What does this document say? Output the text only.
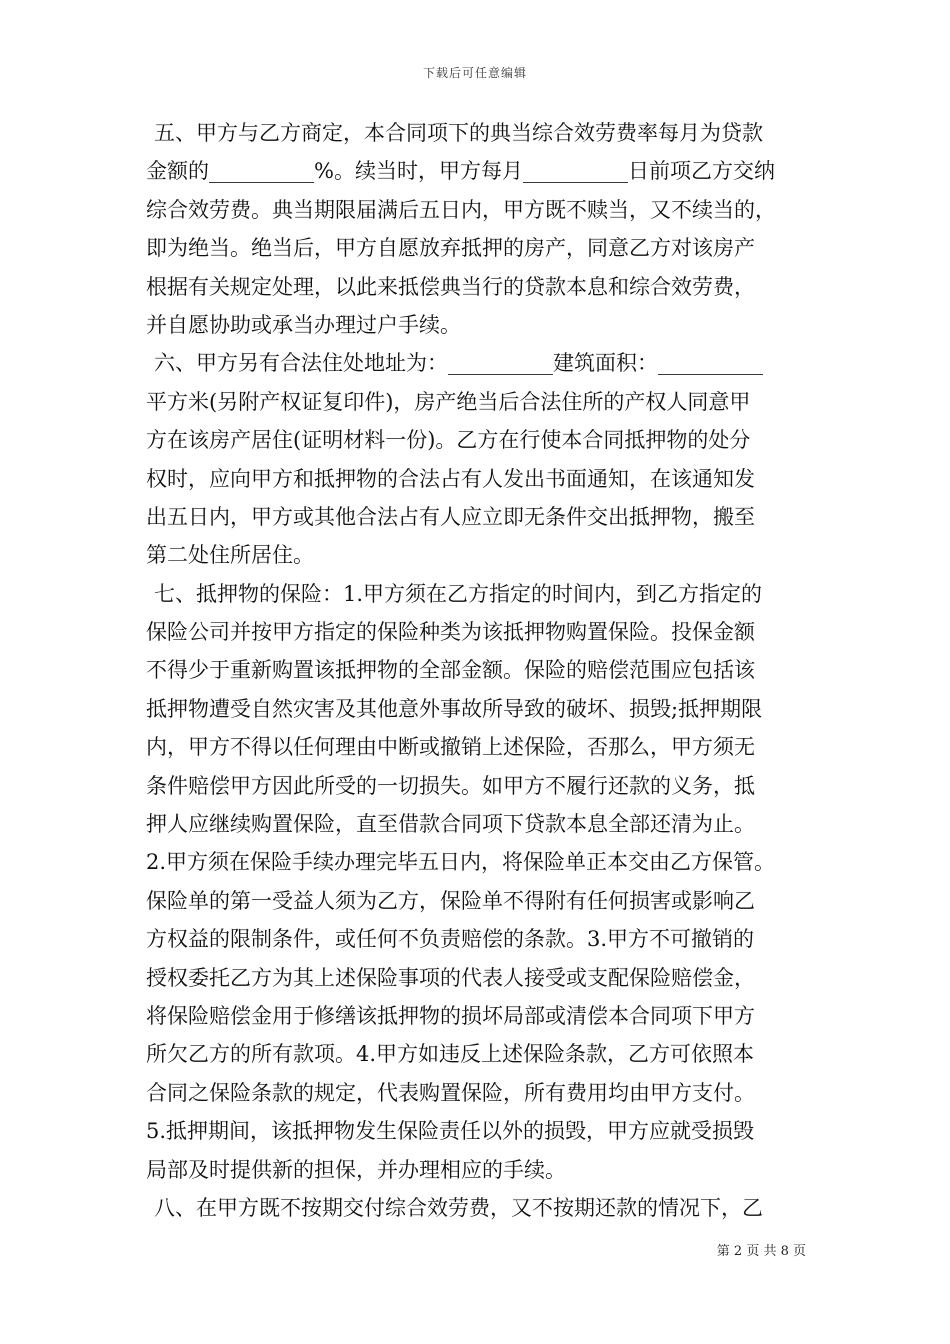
下载后可任意编辑
五、甲方与乙方商定，本合同项下的典当综合效劳费率每月为贷款
金额的__________%。续当时，甲方每月__________日前项乙方交纳
综合效劳费。典当期限届满后五日内，甲方既不赎当，又不续当的，
即为绝当。绝当后，甲方自愿放弃抵押的房产，同意乙方对该房产
根据有关规定处理，以此来抵偿典当行的贷款本息和综合效劳费，
并自愿协助或承当办理过户手续。
六、甲方另有合法住处地址为：__________建筑面积：__________
平方米(另附产权证复印件)，房产绝当后合法住所的产权人同意甲
方在该房产居住(证明材料一份)。乙方在行使本合同抵押物的处分
权时，应向甲方和抵押物的合法占有人发出书面通知，在该通知发
出五日内，甲方或其他合法占有人应立即无条件交出抵押物，搬至
第二处住所居住。
七、抵押物的保险：1.甲方须在乙方指定的时间内，到乙方指定的
保险公司并按甲方指定的保险种类为该抵押物购置保险。投保金额
不得少于重新购置该抵押物的全部金额。保险的赔偿范围应包括该
抵押物遭受自然灾害及其他意外事故所导致的破坏、损毁;抵押期限
内，甲方不得以任何理由中断或撤销上述保险，否那么，甲方须无
条件赔偿甲方因此所受的一切损失。如甲方不履行还款的义务，抵
押人应继续购置保险，直至借款合同项下贷款本息全部还清为止。
2.甲方须在保险手续办理完毕五日内，将保险单正本交由乙方保管。
保险单的第一受益人须为乙方，保险单不得附有任何损害或影响乙
方权益的限制条件，或任何不负责赔偿的条款。3.甲方不可撤销的
授权委托乙方为其上述保险事项的代表人接受或支配保险赔偿金，
将保险赔偿金用于修缮该抵押物的损坏局部或清偿本合同项下甲方
所欠乙方的所有款项。4.甲方如违反上述保险条款，乙方可依照本
合同之保险条款的规定，代表购置保险，所有费用均由甲方支付。
5.抵押期间，该抵押物发生保险责任以外的损毁，甲方应就受损毁
局部及时提供新的担保，并办理相应的手续。
八、在甲方既不按期交付综合效劳费，又不按期还款的情况下，乙
第 2 页 共 8 页
